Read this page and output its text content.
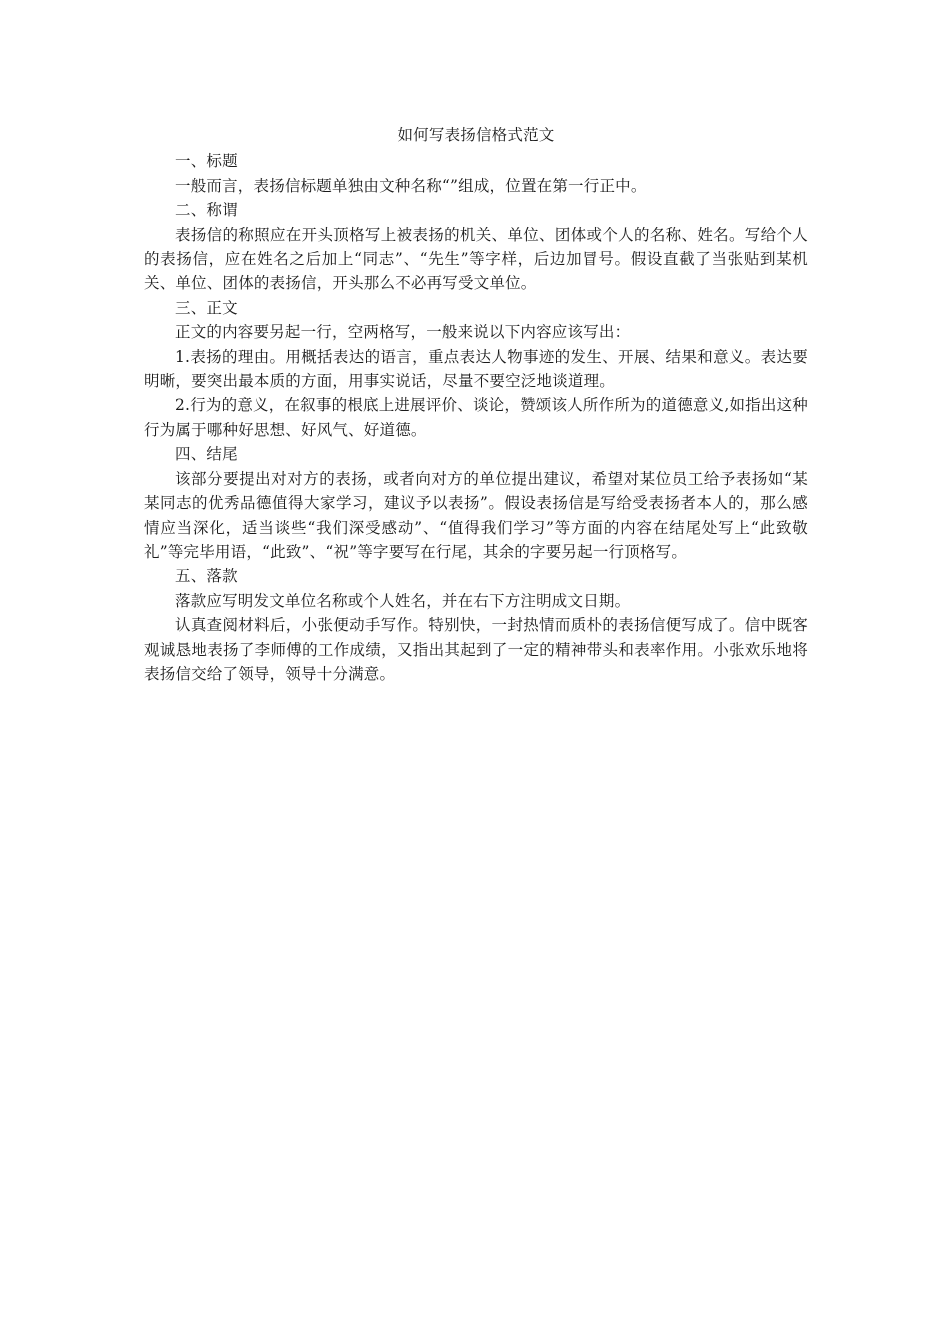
如何写表扬信格式范文

一、标题

一般而言，表扬信标题单独由文种名称“”组成，位置在第一行正中。

二、称谓

表扬信的称照应在开头顶格写上被表扬的机关、单位、团体或个人的名称、姓名。写给个人的表扬信，应在姓名之后加上“同志”、“先生”等字样，后边加冒号。假设直截了当张贴到某机关、单位、团体的表扬信，开头那么不必再写受文单位。

三、正文

正文的内容要另起一行，空两格写，一般来说以下内容应该写出：

1.表扬的理由。用概括表达的语言，重点表达人物事迹的发生、开展、结果和意义。表达要明晰，要突出最本质的方面，用事实说话，尽量不要空泛地谈道理。

2.行为的意义，在叙事的根底上进展评价、谈论，赞颂该人所作所为的道德意义,如指出这种行为属于哪种好思想、好风气、好道德。

四、结尾

该部分要提出对对方的表扬，或者向对方的单位提出建议，希望对某位员工给予表扬如“某某同志的优秀品德值得大家学习，建议予以表扬”。假设表扬信是写给受表扬者本人的，那么感情应当深化，适当谈些“我们深受感动”、“值得我们学习”等方面的内容在结尾处写上“此致敬礼”等完毕用语，“此致”、“祝”等字要写在行尾，其余的字要另起一行顶格写。

五、落款

落款应写明发文单位名称或个人姓名，并在右下方注明成文日期。

认真查阅材料后，小张便动手写作。特别快，一封热情而质朴的表扬信便写成了。信中既客观诚恳地表扬了李师傅的工作成绩，又指出其起到了一定的精神带头和表率作用。小张欢乐地将表扬信交给了领导，领导十分满意。
